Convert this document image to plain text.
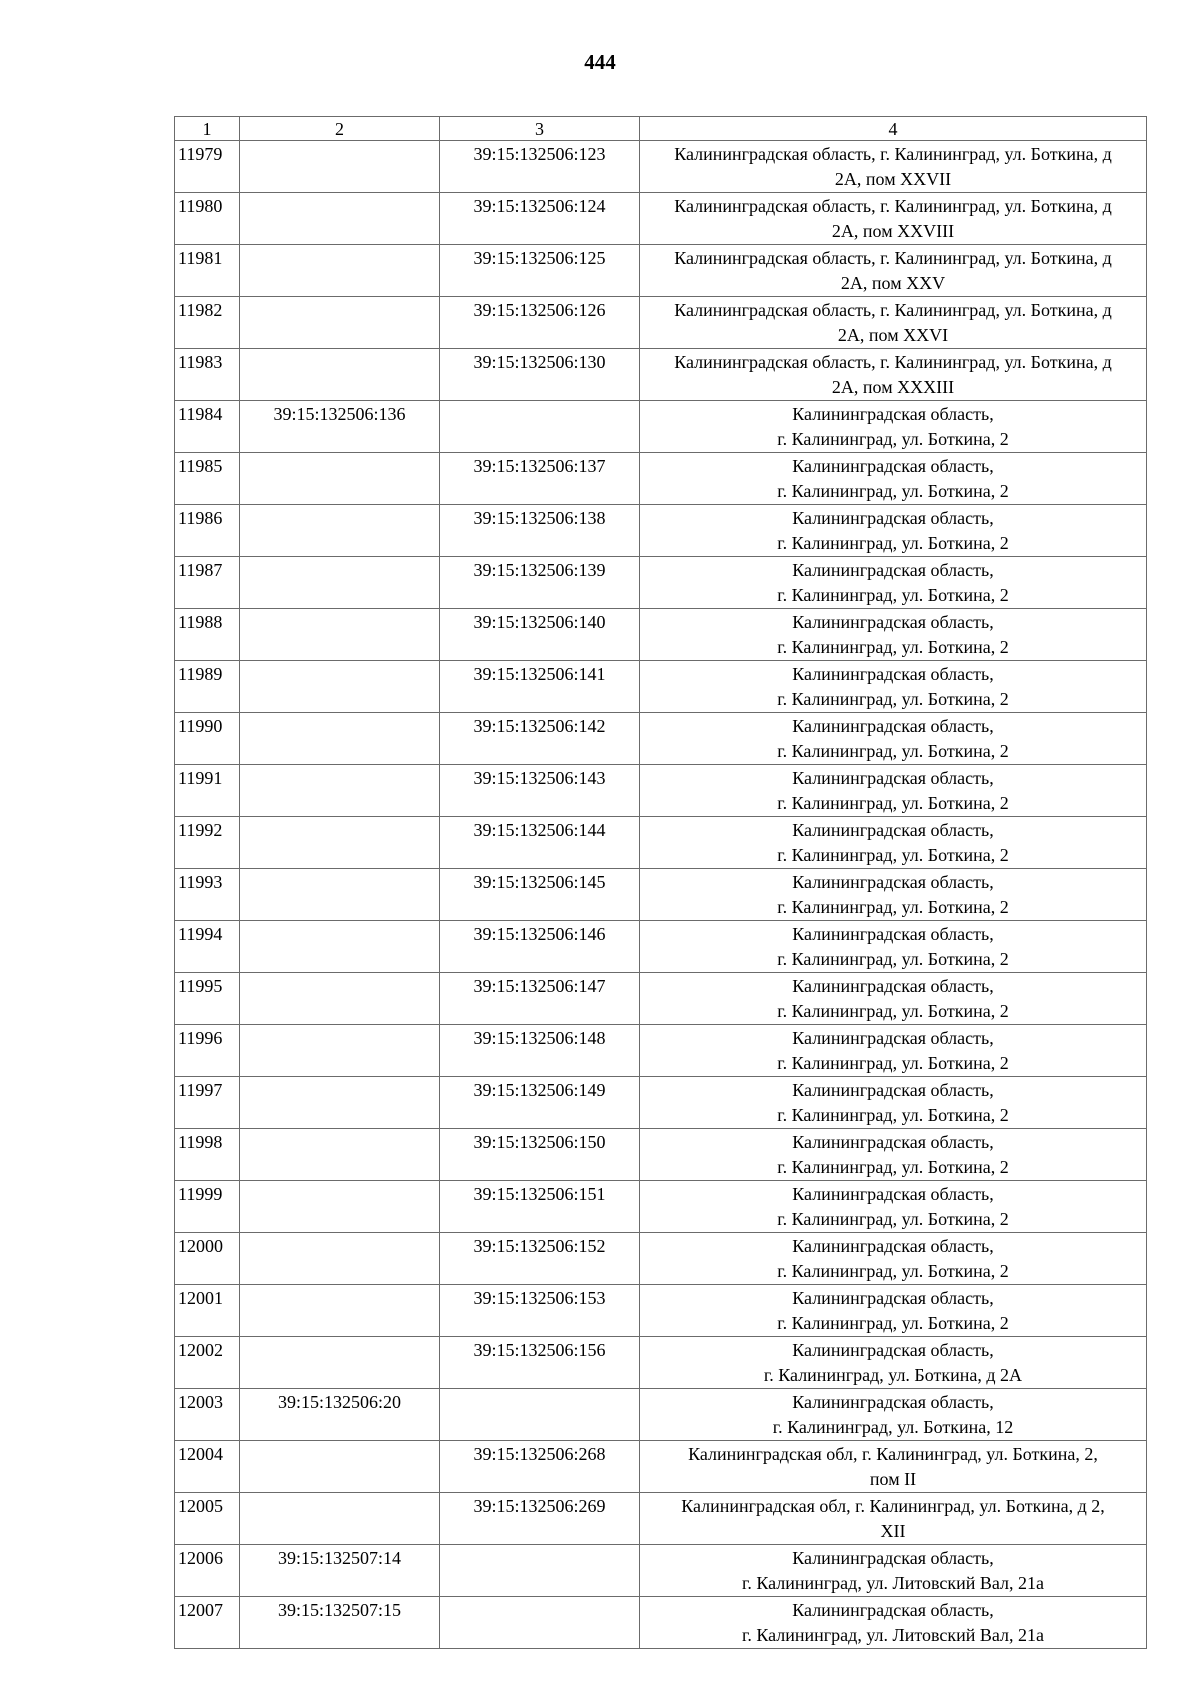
444
1	2	3	4
11979		39:15:132506:123	Калининградская область, г. Калининград, ул. Боткина, д
2А, пом XXVII

11980		39:15:132506:124	Калининградская область, г. Калининград, ул. Боткина, д
2А, пом XXVIII

11981		39:15:132506:125	Калининградская область, г. Калининград, ул. Боткина, д
2А, пом XXV

11982		39:15:132506:126	Калининградская область, г. Калининград, ул. Боткина, д
2А, пом XXVI

11983		39:15:132506:130	Калининградская область, г. Калининград, ул. Боткина, д
2А, пом XXXIII

11984	39:15:132506:136		Калининградская область,
г. Калининград, ул. Боткина, 2

11985		39:15:132506:137	Калининградская область,
г. Калининград, ул. Боткина, 2

11986		39:15:132506:138	Калининградская область,
г. Калининград, ул. Боткина, 2

11987		39:15:132506:139	Калининградская область,
г. Калининград, ул. Боткина, 2

11988		39:15:132506:140	Калининградская область,
г. Калининград, ул. Боткина, 2

11989		39:15:132506:141	Калининградская область,
г. Калининград, ул. Боткина, 2

11990		39:15:132506:142	Калининградская область,
г. Калининград, ул. Боткина, 2

11991		39:15:132506:143	Калининградская область,
г. Калининград, ул. Боткина, 2

11992		39:15:132506:144	Калининградская область,
г. Калининград, ул. Боткина, 2

11993		39:15:132506:145	Калининградская область,
г. Калининград, ул. Боткина, 2

11994		39:15:132506:146	Калининградская область,
г. Калининград, ул. Боткина, 2

11995		39:15:132506:147	Калининградская область,
г. Калининград, ул. Боткина, 2

11996		39:15:132506:148	Калининградская область,
г. Калининград, ул. Боткина, 2

11997		39:15:132506:149	Калининградская область,
г. Калининград, ул. Боткина, 2

11998		39:15:132506:150	Калининградская область,
г. Калининград, ул. Боткина, 2

11999		39:15:132506:151	Калининградская область,
г. Калининград, ул. Боткина, 2

12000		39:15:132506:152	Калининградская область,
г. Калининград, ул. Боткина, 2

12001		39:15:132506:153	Калининградская область,
г. Калининград, ул. Боткина, 2

12002		39:15:132506:156	Калининградская область,
г. Калининград, ул. Боткина, д 2А

12003	39:15:132506:20		Калининградская область,
г. Калининград, ул. Боткина, 12

12004		39:15:132506:268	Калининградская обл, г. Калининград, ул. Боткина, 2,
пом II

12005		39:15:132506:269	Калининградская обл, г. Калининград, ул. Боткина, д 2,
XII

12006	39:15:132507:14		Калининградская область,
г. Калининград, ул. Литовский Вал, 21а

12007	39:15:132507:15		Калининградская область,
г. Калининград, ул. Литовский Вал, 21а
